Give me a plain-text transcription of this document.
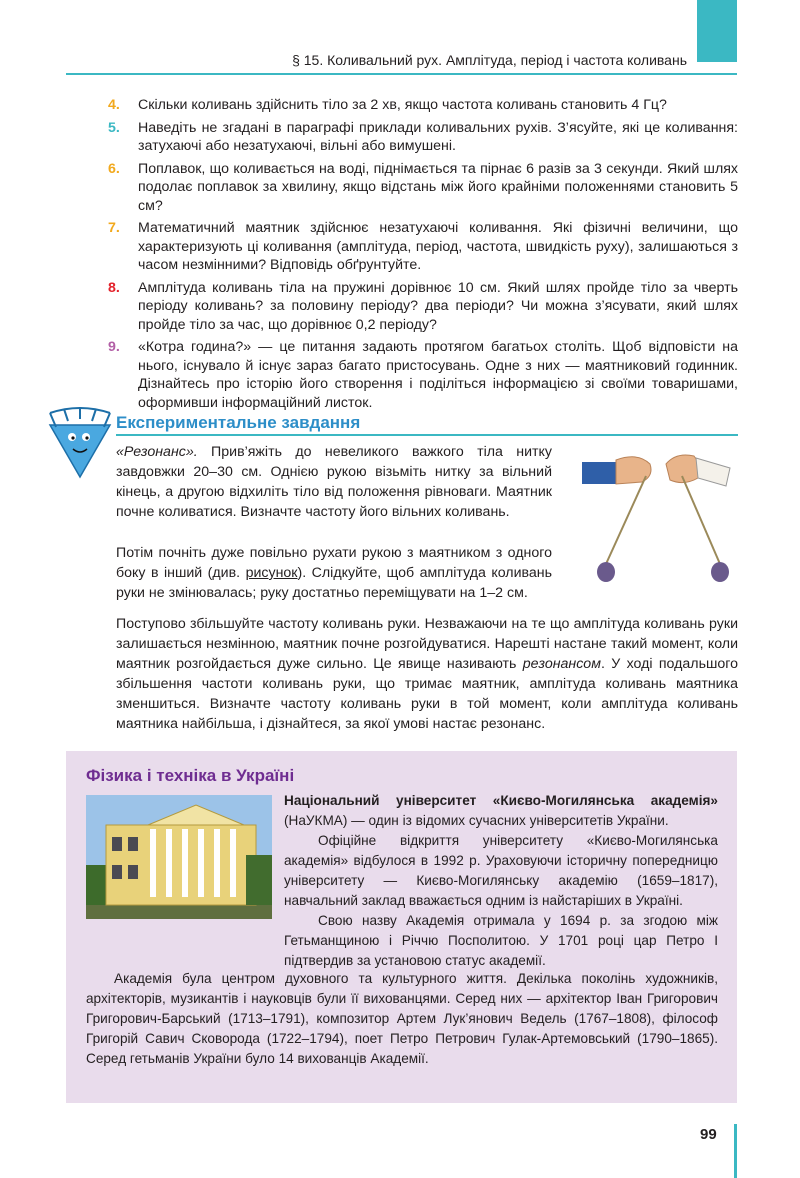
§ 15. Коливальний рух. Амплітуда, період і частота коливань
4.	Скільки коливань здійснить тіло за 2 хв, якщо частота коливань становить 4 Гц?
5.	Наведіть не згадані в параграфі приклади коливальних рухів. З’ясуйте, які це коливання: затухаючі або незатухаючі, вільні або вимушені.
6.	Поплавок, що коливається на воді, піднімається та пірнає 6 разів за 3 секунди. Який шлях подолає поплавок за хвилину, якщо відстань між його крайніми положеннями становить 5 см?
7.	Математичний маятник здійснює незатухаючі коливання. Які фізичні величини, що характеризують ці коливання (амплітуда, період, частота, швидкість руху), залишаються з часом незмінними? Відповідь обґрунтуйте.
8.	Амплітуда коливань тіла на пружині дорівнює 10 см. Який шлях пройде тіло за чверть періоду коливань? за половину періоду? два періоди? Чи можна з’ясувати, який шлях пройде тіло за час, що дорівнює 0,2 періоду?
9.	«Котра година?» — це питання задають протягом багатьох століть. Щоб відповісти на нього, існувало й існує зараз багато пристосувань. Одне з них — маятниковий годинник. Дізнайтесь про історію його створення і поділіться інформацією зі своїми товаришами, оформивши інформаційний листок.
Експериментальне завдання
«Резонанс». Прив’яжіть до невеликого важкого тіла нитку завдовжки 20–30 см. Однією рукою візьміть нитку за вільний кінець, а другою відхиліть тіло від положення рівноваги. Маятник почне коливатися. Визначте частоту його вільних коливань.
Потім почніть дуже повільно рухати рукою з маятником з одного боку в інший (див. рисунок). Слідкуйте, щоб амплітуда коливань руки не змінювалась; руку достатньо переміщувати на 1–2 см.
Поступово збільшуйте частоту коливань руки. Незважаючи на те що амплітуда коливань руки залишається незмінною, маятник почне розгойдуватися. Нарешті настане такий момент, коли маятник розгойдається дуже сильно. Це явище називають резонансом. У ході подальшого збільшення частоти коливань руки, що тримає маятник, амплітуда коливань маятника зменшиться. Визначте частоту коливань руки в той момент, коли амплітуда коливань маятника найбільша, і дізнайтеся, за якої умові настає резонанс.
Фізика і техніка в Україні

Національний університет «Києво-Могилянська академія» (НаУКМА) — один із відомих сучасних університетів України.

Офіційне відкриття університету «Києво-Могилянська академія» відбулося в 1992 р. Ураховуючи історичну попередницю університету — Києво-Могилянську академію (1659–1817), навчальний заклад вважається одним із найстаріших в Україні.

Свою назву Академія отримала у 1694 р. за згодою між Гетьманщиною і Річчю Посполитою. У 1701 році цар Петро І підтвердив за установою статус академії.

Академія була центром духовного та культурного життя. Декілька поколінь художників, архітекторів, музикантів і науковців були її вихованцями. Серед них — архітектор Іван Григорович Григорович-Барський (1713–1791), композитор Артем Лук’янович Ведель (1767–1808), філософ Григорій Савич Сковорода (1722–1794), поет Петро Петрович Гулак-Артемовський (1790–1865). Серед гетьманів України було 14 вихованців Академії.
99
